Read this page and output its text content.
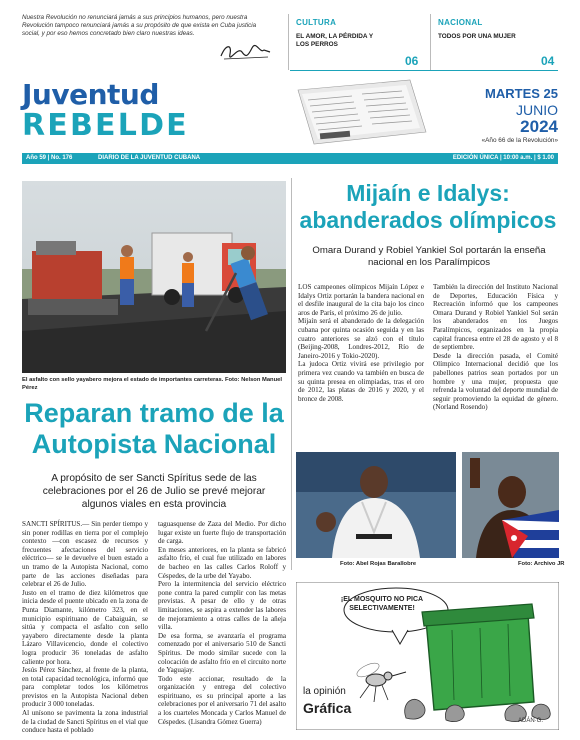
Nuestra Revolución no renunciará jamás a sus principios humanos, pero nuestra Revolución tampoco renunciará jamás a su propósito de que exista en Cuba justicia social, y por eso hemos concretado bien claro nuestras ideas.
CULTURA
EL AMOR, LA PÉRDIDA Y LOS PERROS
06
NACIONAL
TODOS POR UNA MUJER
04
Juventud
REBELDE
MARTES 25
JUNIO
2024
«Año 66 de la Revolución»
Año 59 | No. 176	DIARIO DE LA JUVENTUD CUBANA	EDICIÓN ÚNICA | 10:00 a.m. | $ 1.00
El asfalto con sello yayabero mejora el estado de importantes carreteras. Foto: Nelson Manuel Pérez
Reparan tramo de la Autopista Nacional
A propósito de ser Sancti Spíritus sede de las celebraciones por el 26 de Julio se prevé mejorar algunos viales en esta provincia
SANCTI SPÍRITUS.— Sin perder tiempo y sin poner rodillas en tierra por el complejo contexto —con escasez de recursos y frecuentes afectaciones del servicio eléctrico— se le devuelve el buen estado a un tramo de la Autopista Nacional, como parte de las acciones diseñadas para celebrar el 26 de Julio.
Justo en el tramo de diez kilómetros que inicia desde el puente ubicado en la zona de Punta Diamante, kilómetro 323, en el municipio espirituano de Cabaiguán, se sitúa y compacta el asfalto con sello yayabero directamente desde la planta Lázaro Villavicencio, donde el colectivo logra producir 36 toneladas de asfalto caliente por hora.
Jesús Pérez Sánchez, al frente de la planta, en total capacidad tecnológica, informó que para completar todos los kilómetros previstos en la Autopista Nacional deben producir 3 000 toneladas.
Al unísono se pavimenta la zona industrial de la ciudad de Sancti Spíritus en el vial que conduce hasta el poblado
taguasquense de Zaza del Medio. Por dicho lugar existe un fuerte flujo de transportación de carga.
En meses anteriores, en la planta se fabricó asfalto frío, el cual fue utilizado en labores de bacheo en las calles Carlos Roloff y Céspedes, de la urbe del Yayabo.
Pero la intermitencia del servicio eléctrico pone contra la pared cumplir con las metas previstas. A pesar de ello y de otras limitaciones, se aspira a extender las labores de mejoramiento a otras calles de la añeja villa.
De esa forma, se avanzaría el programa comenzado por el aniversario 510 de Sancti Spíritus. De modo similar sucede con la colocación de asfalto frío en el circuito norte de Yaguajay.
Todo este accionar, resultado de la organización y entrega del colectivo espirituano, es su principal aporte a las celebraciones por el aniversario 71 del asalto a los cuarteles Moncada y Carlos Manuel de Céspedes. (Lisandra Gómez Guerra)
Mijaín e Idalys: abanderados olímpicos
Omara Durand y Robiel Yankiel Sol portarán la enseña nacional en los Paralímpicos
LOS campeones olímpicos Mijaín López e Idalys Ortiz portarán la bandera nacional en el desfile inaugural de la cita bajo los cinco aros de París, el próximo 26 de julio.
Mijaín será el abanderado de la delegación cubana por quinta ocasión seguida y en las cuatro anteriores se alzó con el título (Beijing-2008, Londres-2012, Río de Janeiro-2016 y Tokio-2020).
La judoca Ortiz vivirá ese privilegio por primera vez cuando va también en busca de su quinta presea en olimpiadas, tras el oro de 2012, las platas de 2016 y 2020, y el bronce de 2008.
También la dirección del Instituto Nacional de Deportes, Educación Física y Recreación informó que los campeones Omara Durand y Robiel Yankiel Sol serán los abanderados en los Juegos Paralímpicos, organizados en la propia capital francesa entre el 28 de agosto y el 8 de septiembre.
Desde la dirección pasada, el Comité Olímpico Internacional decidió que los pabellones patrios sean portados por un hombre y una mujer, propuesta que refrenda la voluntad del deporte mundial de seguir promoviendo la equidad de género. (Norland Rosendo)
Foto: Abel Rojas Barallobre	Foto: Archivo JR
¡EL MOSQUITO NO PICA SELECTIVAMENTE!
la opinión
Gráfica
ADÁN·G.
